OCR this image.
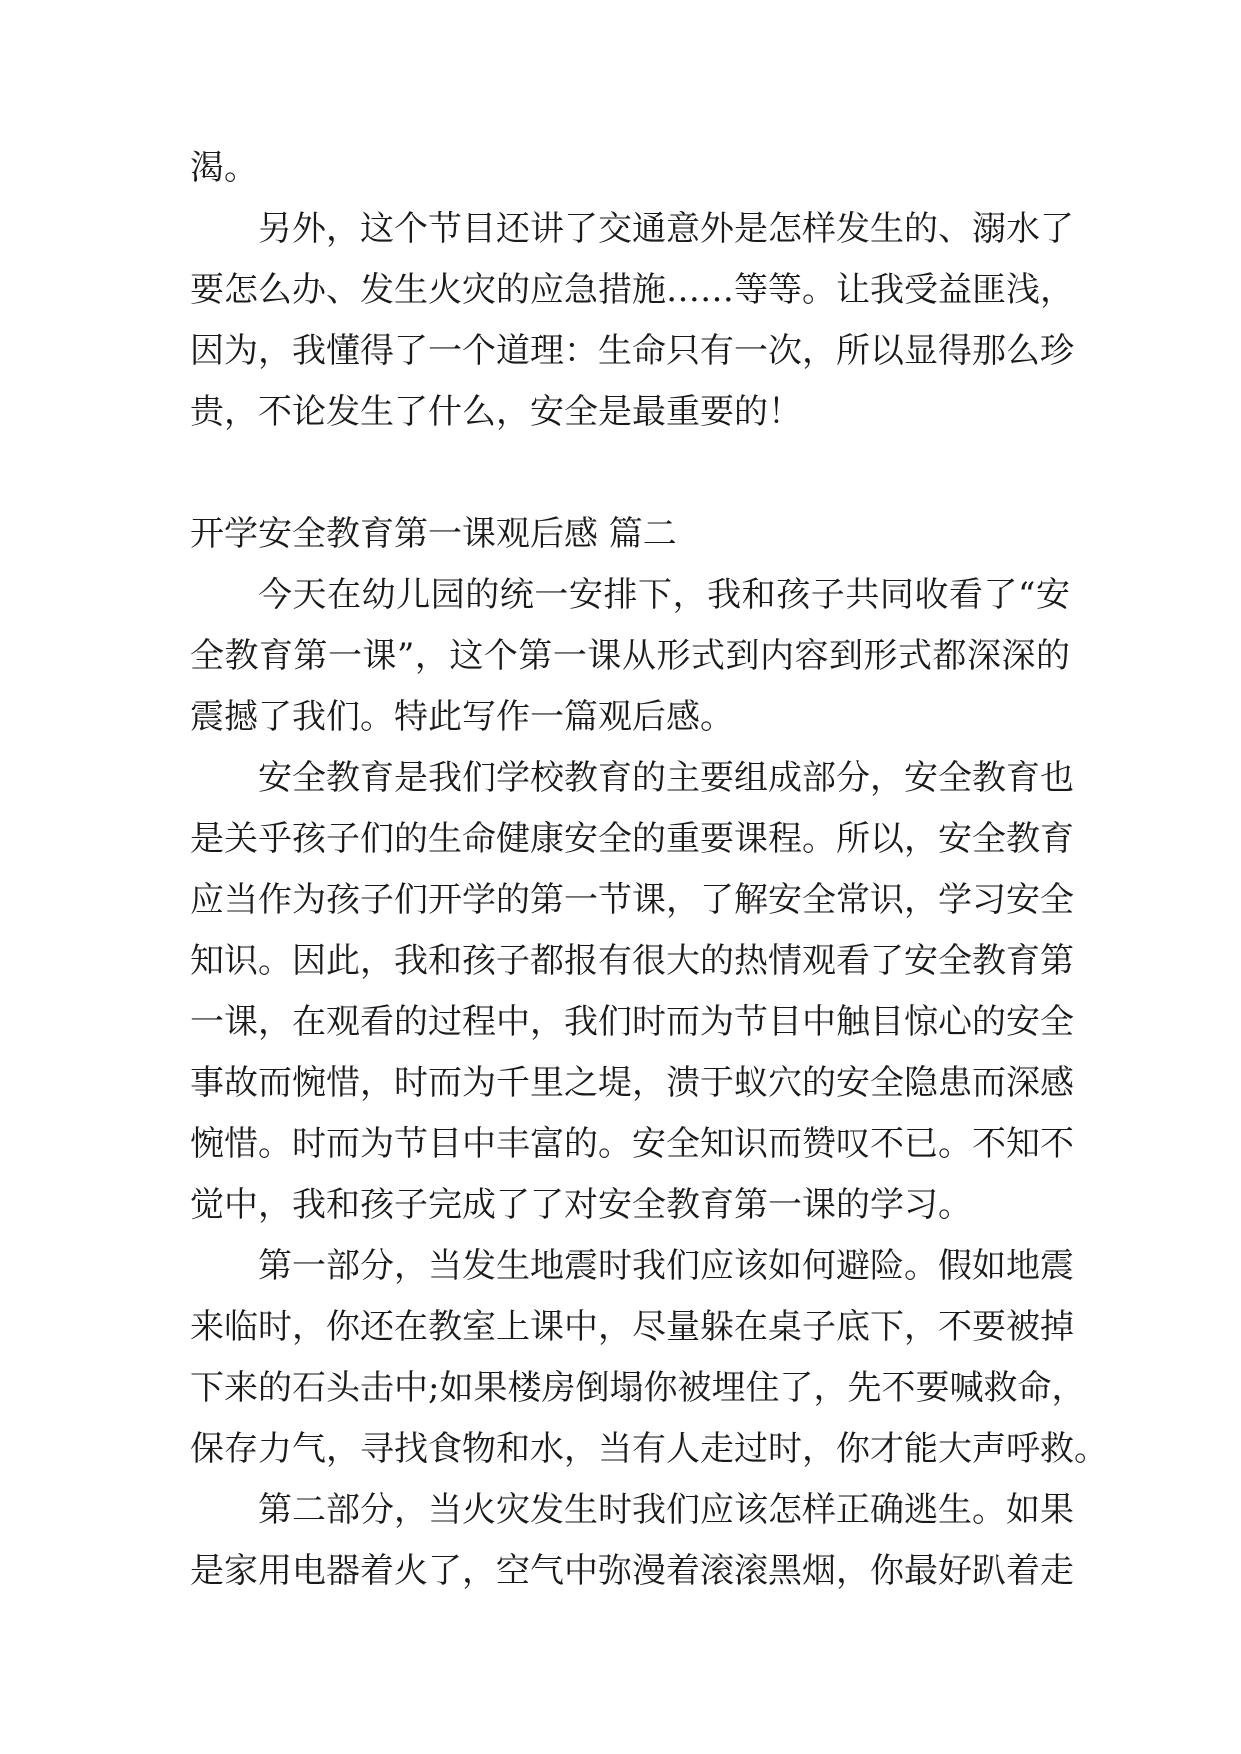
渴。
另外，这个节目还讲了交通意外是怎样发生的、溺水了
要怎么办、发生火灾的应急措施……等等。让我受益匪浅，
因为，我懂得了一个道理：生命只有一次，所以显得那么珍
贵，不论发生了什么，安全是最重要的！
开学安全教育第一课观后感 篇二
今天在幼儿园的统一安排下，我和孩子共同收看了“安
全教育第一课”，这个第一课从形式到内容到形式都深深的
震撼了我们。特此写作一篇观后感。
安全教育是我们学校教育的主要组成部分，安全教育也
是关乎孩子们的生命健康安全的重要课程。所以，安全教育
应当作为孩子们开学的第一节课，了解安全常识，学习安全
知识。因此，我和孩子都报有很大的热情观看了安全教育第
一课，在观看的过程中，我们时而为节目中触目惊心的安全
事故而惋惜，时而为千里之堤，溃于蚁穴的安全隐患而深感
惋惜。时而为节目中丰富的。安全知识而赞叹不已。不知不
觉中，我和孩子完成了了对安全教育第一课的学习。
第一部分，当发生地震时我们应该如何避险。假如地震
来临时，你还在教室上课中，尽量躲在桌子底下，不要被掉
下来的石头击中;如果楼房倒塌你被埋住了，先不要喊救命，
保存力气，寻找食物和水，当有人走过时，你才能大声呼救。
第二部分，当火灾发生时我们应该怎样正确逃生。如果
是家用电器着火了，空气中弥漫着滚滚黑烟，你最好趴着走
